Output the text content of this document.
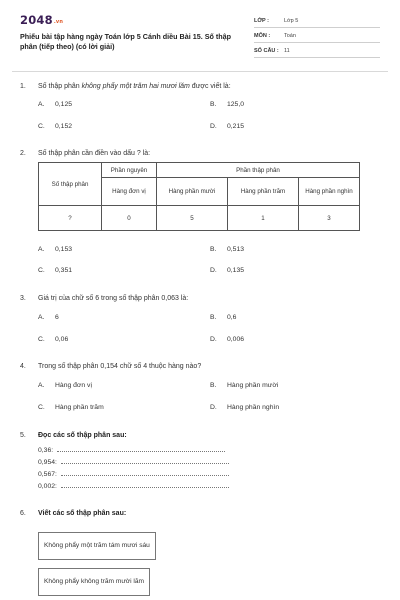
2048.vn
Phiếu bài tập hàng ngày Toán lớp 5 Cánh diều Bài 15. Số thập phân (tiếp theo) (có lời giải)
LỚP :	Lớp 5
MÔN :	Toán
SỐ CÂU : 11
1. Số thập phân không phẩy một trăm hai mươi lăm được viết là:
A. 0,125	B. 125,0
C. 0,152	D. 0,215
2. Số thập phân cần điền vào dấu ? là:
Số thập phân	Phần nguyên	Phần thập phân		
	Hàng đơn vị	Hàng phần mười	Hàng phần trăm	Hàng phần nghìn
?	0	5	1	3
A. 0,153	B. 0,513
C. 0,351	D. 0,135
3. Giá trị của chữ số 6 trong số thập phân 0,063 là:
A. 6	B. 0,6
C. 0,06	D. 0,006
4. Trong số thập phân 0,154 chữ số 4 thuộc hàng nào?
A. Hàng đơn vị	B. Hàng phần mười
C. Hàng phần trăm	D. Hàng phần nghìn
5. Đọc các số thập phân sau:
0,36:
0,954:
0,567:
0,002:
6. Viết các số thập phân sau:
Không phẩy một trăm tám mươi sáu
Không phẩy không trăm mười lăm
